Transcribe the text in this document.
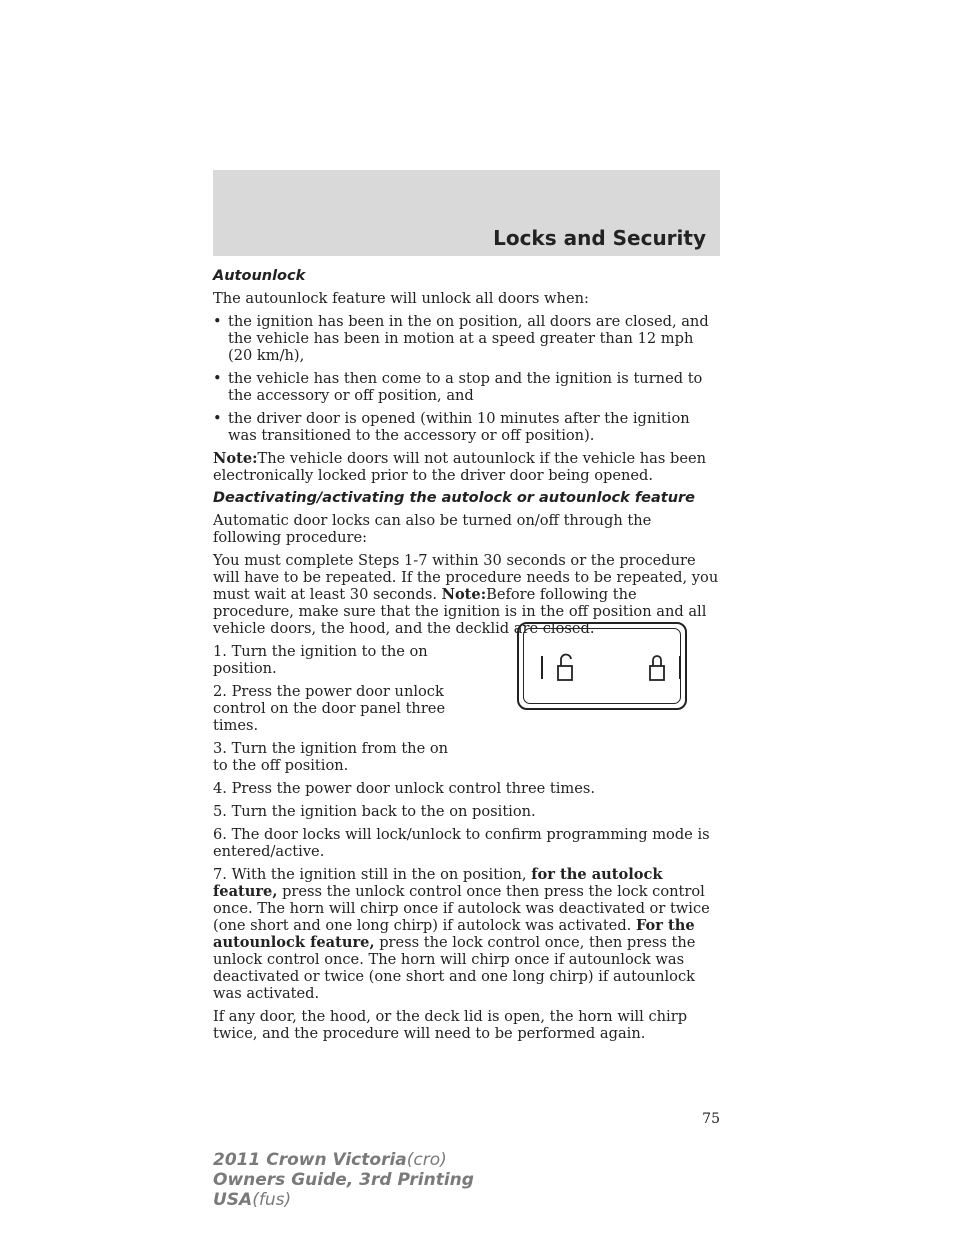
Locks and Security
Autounlock

The autounlock feature will unlock all doors when:

• the ignition has been in the on position, all doors are closed, and the vehicle has been in motion at a speed greater than 12 mph (20 km/h),
• the vehicle has then come to a stop and the ignition is turned to the accessory or off position, and
• the driver door is opened (within 10 minutes after the ignition was transitioned to the accessory or off position).

Note:The vehicle doors will not autounlock if the vehicle has been electronically locked prior to the driver door being opened.

Deactivating/activating the autolock or autounlock feature

Automatic door locks can also be turned on/off through the following procedure:

You must complete Steps 1-7 within 30 seconds or the procedure will have to be repeated. If the procedure needs to be repeated, you must wait at least 30 seconds. Note:Before following the procedure, make sure that the ignition is in the off position and all vehicle doors, the hood, and the decklid are closed.

1. Turn the ignition to the on position.

2. Press the power door unlock control on the door panel three times.

3. Turn the ignition from the on to the off position.

4. Press the power door unlock control three times.

5. Turn the ignition back to the on position.

6. The door locks will lock/unlock to confirm programming mode is entered/active.

7. With the ignition still in the on position, for the autolock feature, press the unlock control once then press the lock control once. The horn will chirp once if autolock was deactivated or twice (one short and one long chirp) if autolock was activated. For the autounlock feature, press the lock control once, then press the unlock control once. The horn will chirp once if autounlock was deactivated or twice (one short and one long chirp) if autounlock was activated.

If any door, the hood, or the deck lid is open, the horn will chirp twice, and the procedure will need to be performed again.

75
2011 Crown Victoria(cro)
Owners Guide, 3rd Printing
USA(fus)
